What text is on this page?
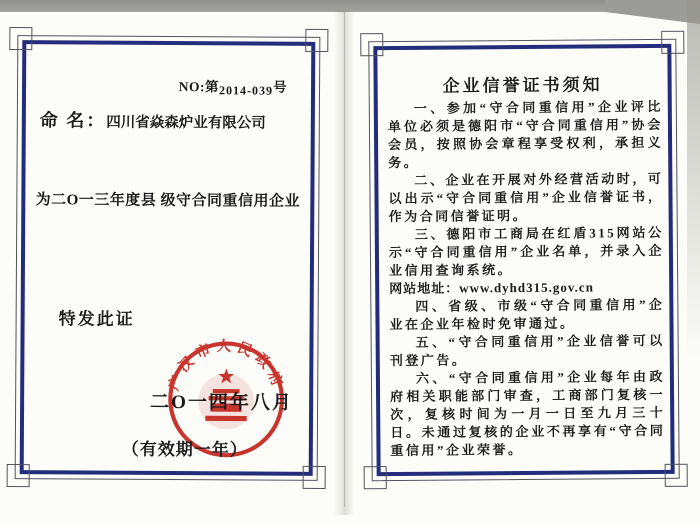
NO:第2014-039号
命 名：四川省焱森炉业有限公司
为二O一三年度县 级守合同重信用企业
特发此证
广汉市人民政府
二O一四年八月
（有效期一年）
企业信誉证书须知

一、参加“守合同重信用”企业评比单位必须是德阳市“守合同重信用”协会会员，按照协会章程享受权利，承担义务。

二、企业在开展对外经营活动时，可以出示“守合同重信用”企业信誉证书，作为合同信誉证明。

三、德阳市工商局在红盾315网站公示“守合同重信用”企业名单，并录入企业信用查询系统。

网站地址：www.dyhd315.gov.cn

四、省级、市级“守合同重信用”企业在企业年检时免审通过。

五、“守合同重信用”企业信誉可以刊登广告。

六、“守合同重信用”企业每年由政府相关职能部门审查，工商部门复核一次，复核时间为一月一日至九月三十日。未通过复核的企业不再享有“守合同重信用”企业荣誉。
